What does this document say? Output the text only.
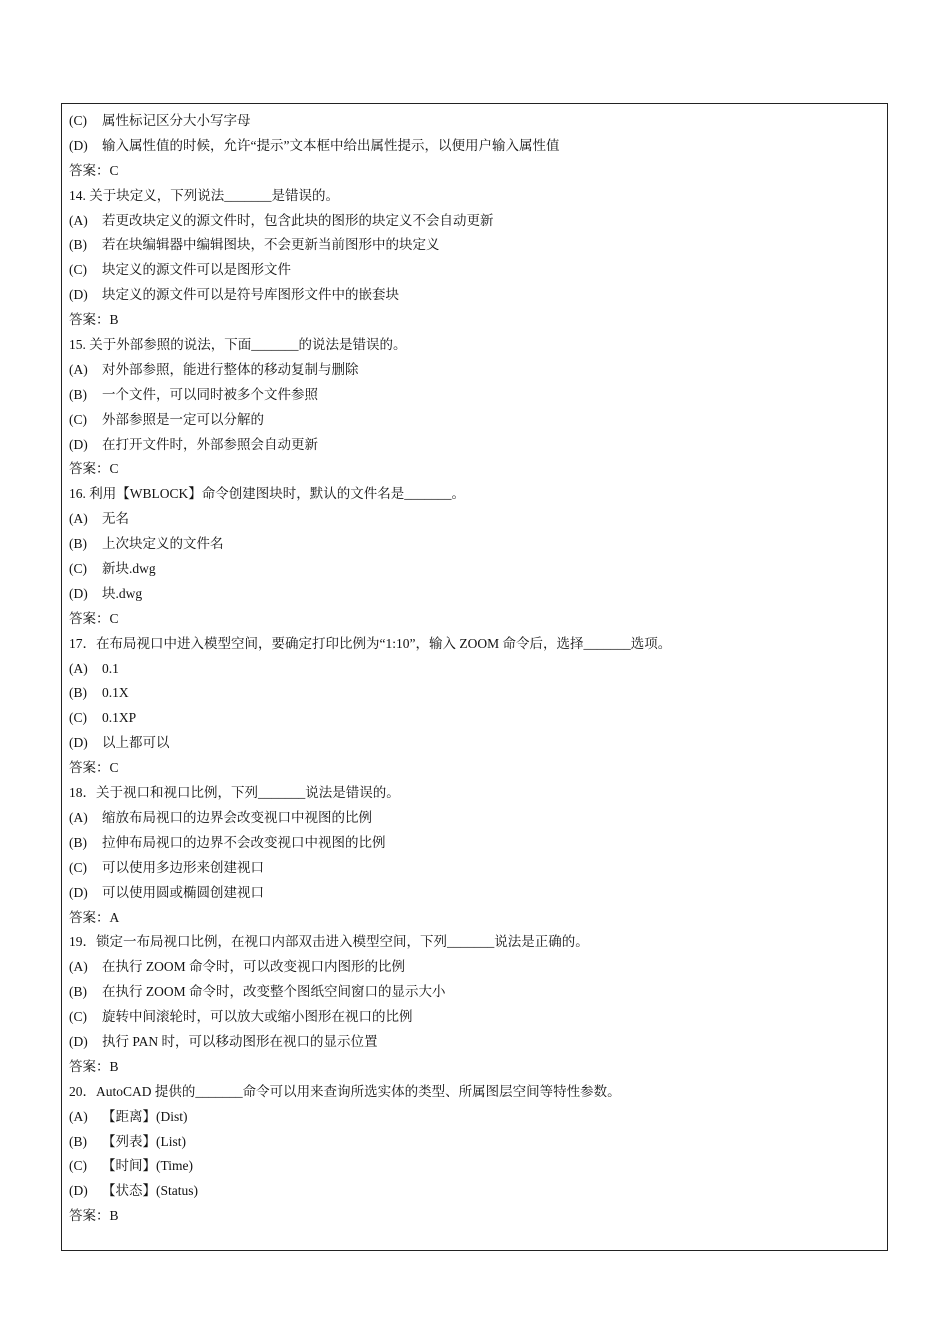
(C) 属性标记区分大小写字母
(D) 输入属性值的时候，允许“提示”文本框中给出属性提示，以便用户输入属性值
答案：C
14. 关于块定义，下列说法_______是错误的。
(A) 若更改块定义的源文件时，包含此块的图形的块定义不会自动更新
(B) 若在块编辑器中编辑图块，不会更新当前图形中的块定义
(C) 块定义的源文件可以是图形文件
(D) 块定义的源文件可以是符号库图形文件中的嵌套块
答案：B
15. 关于外部参照的说法，下面_______的说法是错误的。
(A) 对外部参照，能进行整体的移动复制与删除
(B) 一个文件，可以同时被多个文件参照
(C) 外部参照是一定可以分解的
(D) 在打开文件时，外部参照会自动更新
答案：C
16. 利用【WBLOCK】命令创建图块时，默认的文件名是_______。
(A) 无名
(B) 上次块定义的文件名
(C) 新块.dwg
(D) 块.dwg
答案：C
17．在布局视口中进入模型空间，要确定打印比例为“1:10”，输入 ZOOM 命令后，选择_______选项。
(A) 0.1
(B) 0.1X
(C) 0.1XP
(D) 以上都可以
答案：C
18．关于视口和视口比例，下列_______说法是错误的。
(A) 缩放布局视口的边界会改变视口中视图的比例
(B) 拉伸布局视口的边界不会改变视口中视图的比例
(C) 可以使用多边形来创建视口
(D) 可以使用圆或椭圆创建视口
答案：A
19．锁定一布局视口比例，在视口内部双击进入模型空间，下列_______说法是正确的。
(A) 在执行 ZOOM 命令时，可以改变视口内图形的比例
(B) 在执行 ZOOM 命令时，改变整个图纸空间窗口的显示大小
(C) 旋转中间滚轮时，可以放大或缩小图形在视口的比例
(D) 执行 PAN 时，可以移动图形在视口的显示位置
答案：B
20．AutoCAD 提供的_______命令可以用来查询所选实体的类型、所属图层空间等特性参数。
(A) 【距离】(Dist)
(B) 【列表】(List)
(C) 【时间】(Time)
(D) 【状态】(Status)
答案：B
